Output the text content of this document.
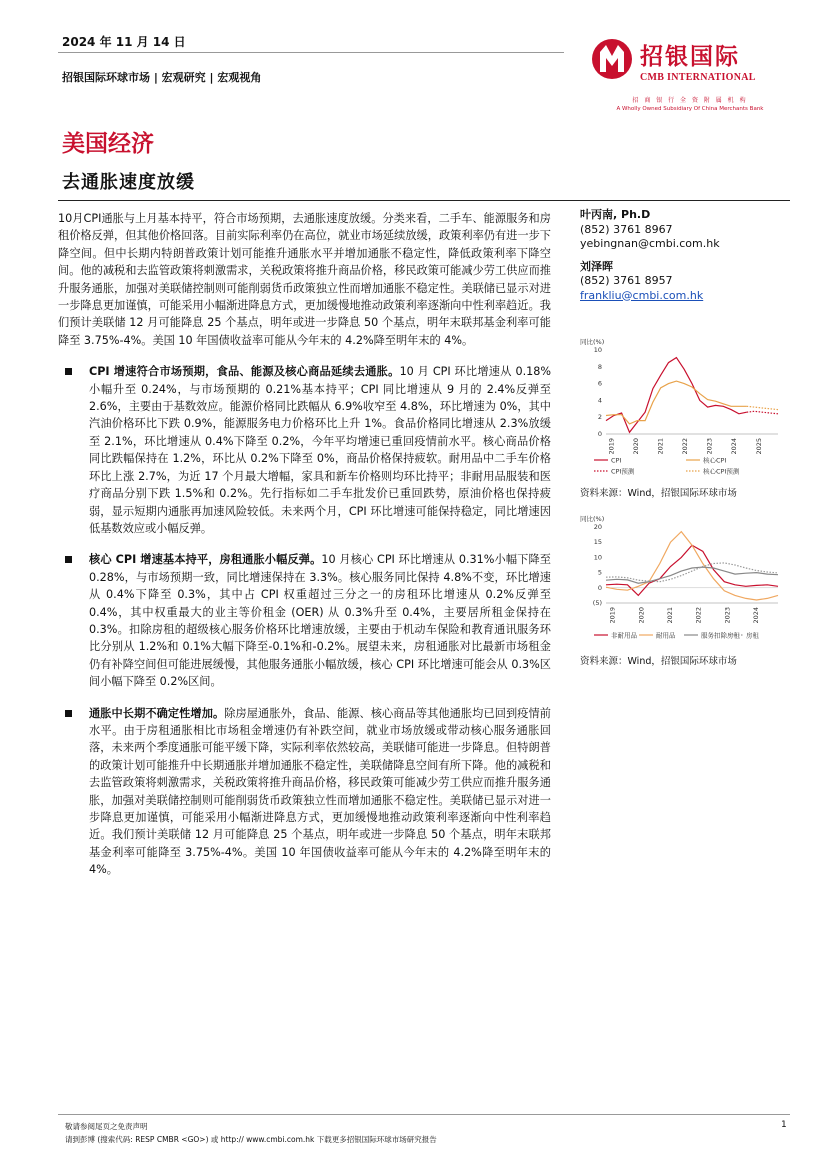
2024 年 11 月 14 日
招银国际环球市场 | 宏观研究 | 宏观视角
招银国际
CMB INTERNATIONAL
招 商 银 行 全 资 附 属 机 构
A Wholly Owned Subsidiary Of China Merchants Bank
美国经济
去通胀速度放缓

10月CPI通胀与上月基本持平，符合市场预期，去通胀速度放缓。分类来看，二手车、能源服务和房租价格反弹，但其他价格回落。目前实际利率仍在高位，就业市场延续放缓，政策利率仍有进一步下降空间。但中长期内特朗普政策计划可能推升通胀水平并增加通胀不稳定性，降低政策利率下降空间。他的减税和去监管政策将刺激需求，关税政策将推升商品价格，移民政策可能减少劳工供应而推升服务通胀，加强对美联储控制则可能削弱货币政策独立性而增加通胀不稳定性。美联储已显示对进一步降息更加谨慎，可能采用小幅渐进降息方式，更加缓慢地推动政策利率逐渐向中性利率趋近。我们预计美联储 12 月可能降息 25 个基点，明年或进一步降息 50 个基点，明年末联邦基金利率可能降至 3.75%-4%。美国 10 年国债收益率可能从今年末的 4.2%降至明年末的 4%。

CPI 增速符合市场预期，食品、能源及核心商品延续去通胀。10 月 CPI 环比增速从 0.18%小幅升至 0.24%，与市场预期的 0.21%基本持平；CPI 同比增速从 9 月的 2.4%反弹至 2.6%，主要由于基数效应。能源价格同比跌幅从 6.9%收窄至 4.8%，环比增速为 0%，其中汽油价格环比下跌 0.9%，能源服务电力价格环比上升 1%。食品价格同比增速从 2.3%放缓至 2.1%，环比增速从 0.4%下降至 0.2%，今年平均增速已重回疫情前水平。核心商品价格同比跌幅保持在 1.2%，环比从 0.2%下降至 0%，商品价格保持疲软。耐用品中二手车价格环比上涨 2.7%，为近 17 个月最大增幅，家具和新车价格则均环比持平；非耐用品服装和医疗商品分别下跌 1.5%和 0.2%。先行指标如二手车批发价已重回跌势，原油价格也保持疲弱，显示短期内通胀再加速风险较低。未来两个月，CPI 环比增速可能保持稳定，同比增速因低基数效应或小幅反弹。

核心 CPI 增速基本持平，房租通胀小幅反弹。10 月核心 CPI 环比增速从 0.31%小幅下降至 0.28%，与市场预期一致，同比增速保持在 3.3%。核心服务同比保持 4.8%不变，环比增速从 0.4%下降至 0.3%，其中占 CPI 权重超过三分之一的房租环比增速从 0.2%反弹至 0.4%，其中权重最大的业主等价租金 (OER) 从 0.3%升至 0.4%，主要居所租金保持在 0.3%。扣除房租的超级核心服务价格环比增速放缓，主要由于机动车保险和教育通讯服务环比分别从 1.2%和 0.1%大幅下降至-0.1%和-0.2%。展望未来，房租通胀对比最新市场租金仍有补降空间但可能进展缓慢，其他服务通胀小幅放缓，核心 CPI 环比增速可能会从 0.3%区间小幅下降至 0.2%区间。

通胀中长期不确定性增加。除房屋通胀外，食品、能源、核心商品等其他通胀均已回到疫情前水平。由于房租通胀相比市场租金增速仍有补跌空间，就业市场放缓或带动核心服务通胀回落，未来两个季度通胀可能平缓下降，实际利率依然较高，美联储可能进一步降息。但特朗普的政策计划可能推升中长期通胀并增加通胀不稳定性，美联储降息空间有所下降。他的减税和去监管政策将刺激需求，关税政策将推升商品价格，移民政策可能减少劳工供应而推升服务通胀，加强对美联储控制则可能削弱货币政策独立性而增加通胀不稳定性。美联储已显示对进一步降息更加谨慎，可能采用小幅渐进降息方式，更加缓慢地推动政策利率逐渐向中性利率趋近。我们预计美联储 12 月可能降息 25 个基点，明年或进一步降息 50 个基点，明年末联邦基金利率可能降至 3.75%-4%。美国 10 年国债收益率可能从今年末的 4.2%降至明年末的 4%。

叶丙南, Ph.D
(852) 3761 8967
yebingnan@cmbi.com.hk
刘泽晖
(852) 3761 8957
frankliu@cmbi.com.hk
同比(%)
10
8
6
4
2
0
2019	2020	2021	2022	2023	2024	2025
CPI	核心CPI
CPI预测	核心CPI预测
资料来源：Wind，招银国际环球市场
同比(%)
20
15
10
5
0
(5)
2019	2020	2021	2022	2023	2024
非耐用品	耐用品	服务扣除房租 房租
资料来源：Wind，招银国际环球市场
敬请参阅尾页之免责声明
请到彭博 (搜索代码: RESP CMBR <GO>) 或 http:// www.cmbi.com.hk 下载更多招银国际环球市场研究报告
1
